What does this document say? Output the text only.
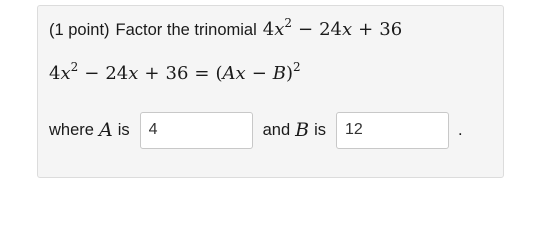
(1 point) Factor the trinomial $4x^2 - 24x + 36$
$4x^2 - 24x + 36 = (Ax - B)^2$
where A is
4	and B is
12	.
